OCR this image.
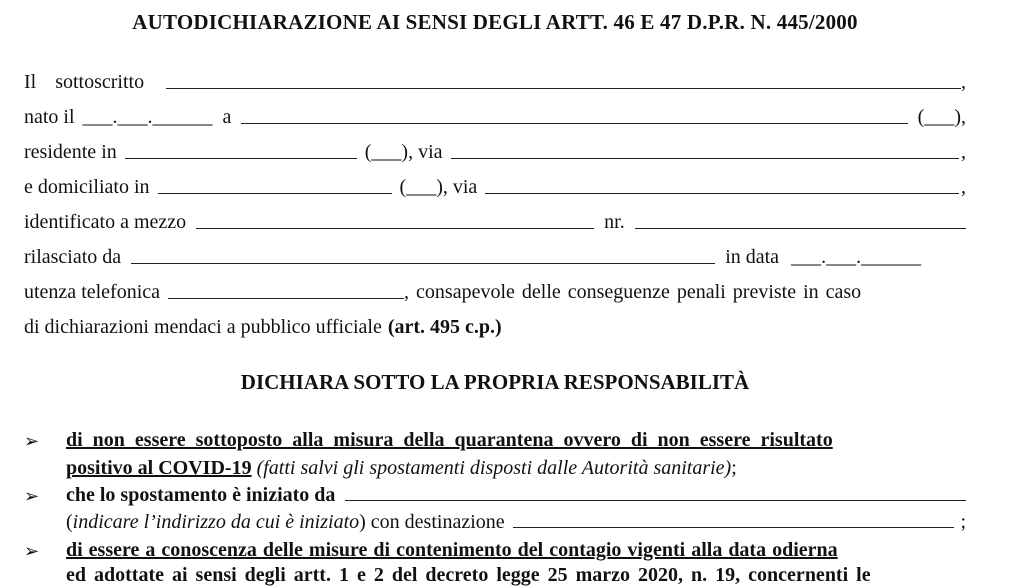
AUTODICHIARAZIONE AI SENSI DEGLI ARTT. 46 E 47 D.P.R. N. 445/2000
Il sottoscritto	,
nato il ___.___.______ a	(___) ,
residente in	(___) , via	,
e domiciliato in	(___) , via	,
identificato a mezzo	nr.
rilasciato da	in data ___.___.______
utenza telefonica	, consapevole delle conseguenze penali previste in caso
di dichiarazioni mendaci a pubblico ufficiale (art. 495 c.p.)
DICHIARA SOTTO LA PROPRIA RESPONSABILITÀ
➢ di non essere sottoposto alla misura della quarantena ovvero di non essere risultato
positivo al COVID-19 (fatti salvi gli spostamenti disposti dalle Autorità sanitarie);
➢ che lo spostamento è iniziato da
( indicare l’indirizzo da cui è iniziato ) con destinazione	;
➢ di essere a conoscenza delle misure di contenimento del contagio vigenti alla data odierna
ed adottate ai sensi degli artt. 1 e 2 del decreto legge 25 marzo 2020, n. 19, concernenti le
